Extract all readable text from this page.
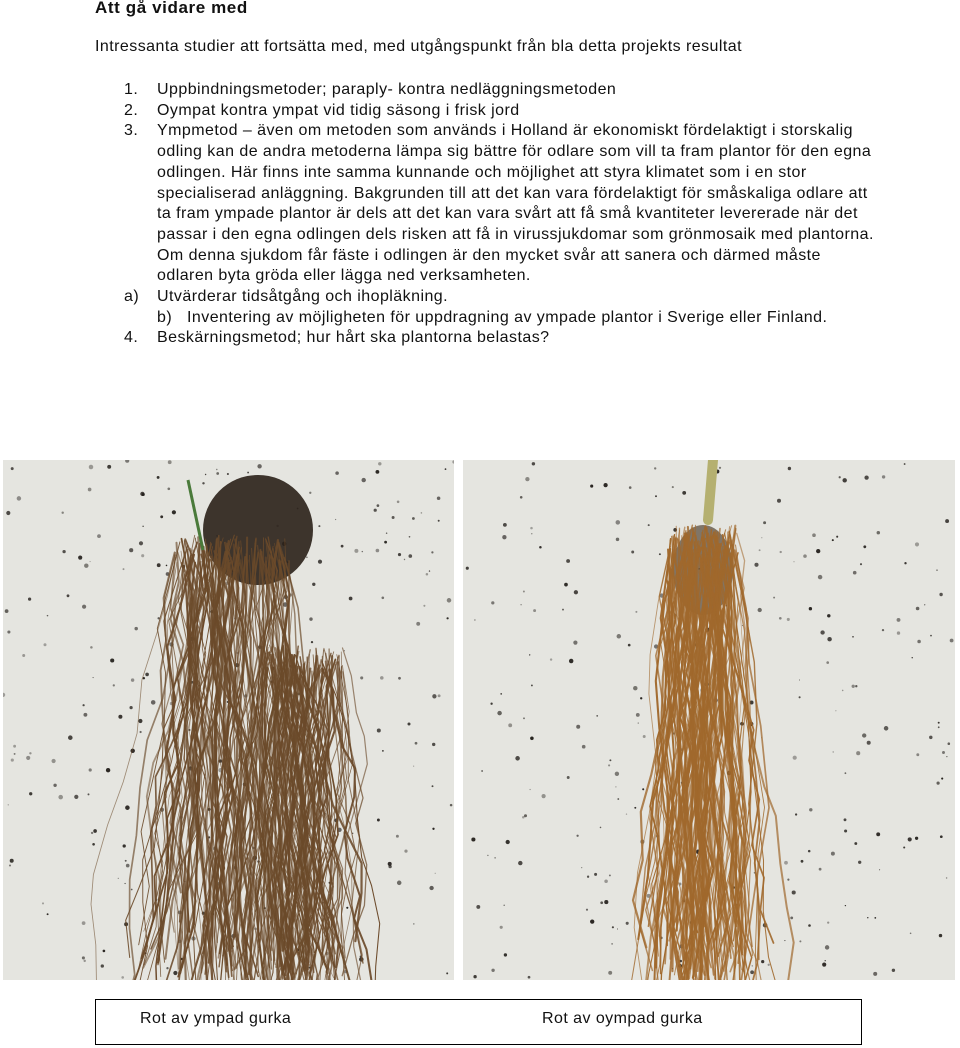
Att gå vidare med

Intressanta studier att fortsätta med, med utgångspunkt från bla detta projekts resultat

1. Uppbindningsmetoder; paraply- kontra nedläggningsmetoden
2. Oympat kontra ympat vid tidig säsong i frisk jord
3. Ympmetod – även om metoden som används i Holland är ekonomiskt fördelaktigt i storskalig odling kan de andra metoderna lämpa sig bättre för odlare som vill ta fram plantor för den egna odlingen. Här finns inte samma kunnande och möjlighet att styra klimatet som i en stor specialiserad anläggning. Bakgrunden till att det kan vara fördelaktigt för småskaliga odlare att ta fram ympade plantor är dels att det kan vara svårt att få små kvantiteter levererade när det passar i den egna odlingen dels risken att få in virussjukdomar som grönmosaik med plantorna. Om denna sjukdom får fäste i odlingen är den mycket svår att sanera och därmed måste odlaren byta gröda eller lägga ned verksamheten.
a) Utvärderar tidsåtgång och ihopläkning.
b) Inventering av möjligheten för uppdragning av ympade plantor i Sverige eller Finland.
4. Beskärningsmetod; hur hårt ska plantorna belastas?
Rot av ympad gurka	Rot av oympad gurka
